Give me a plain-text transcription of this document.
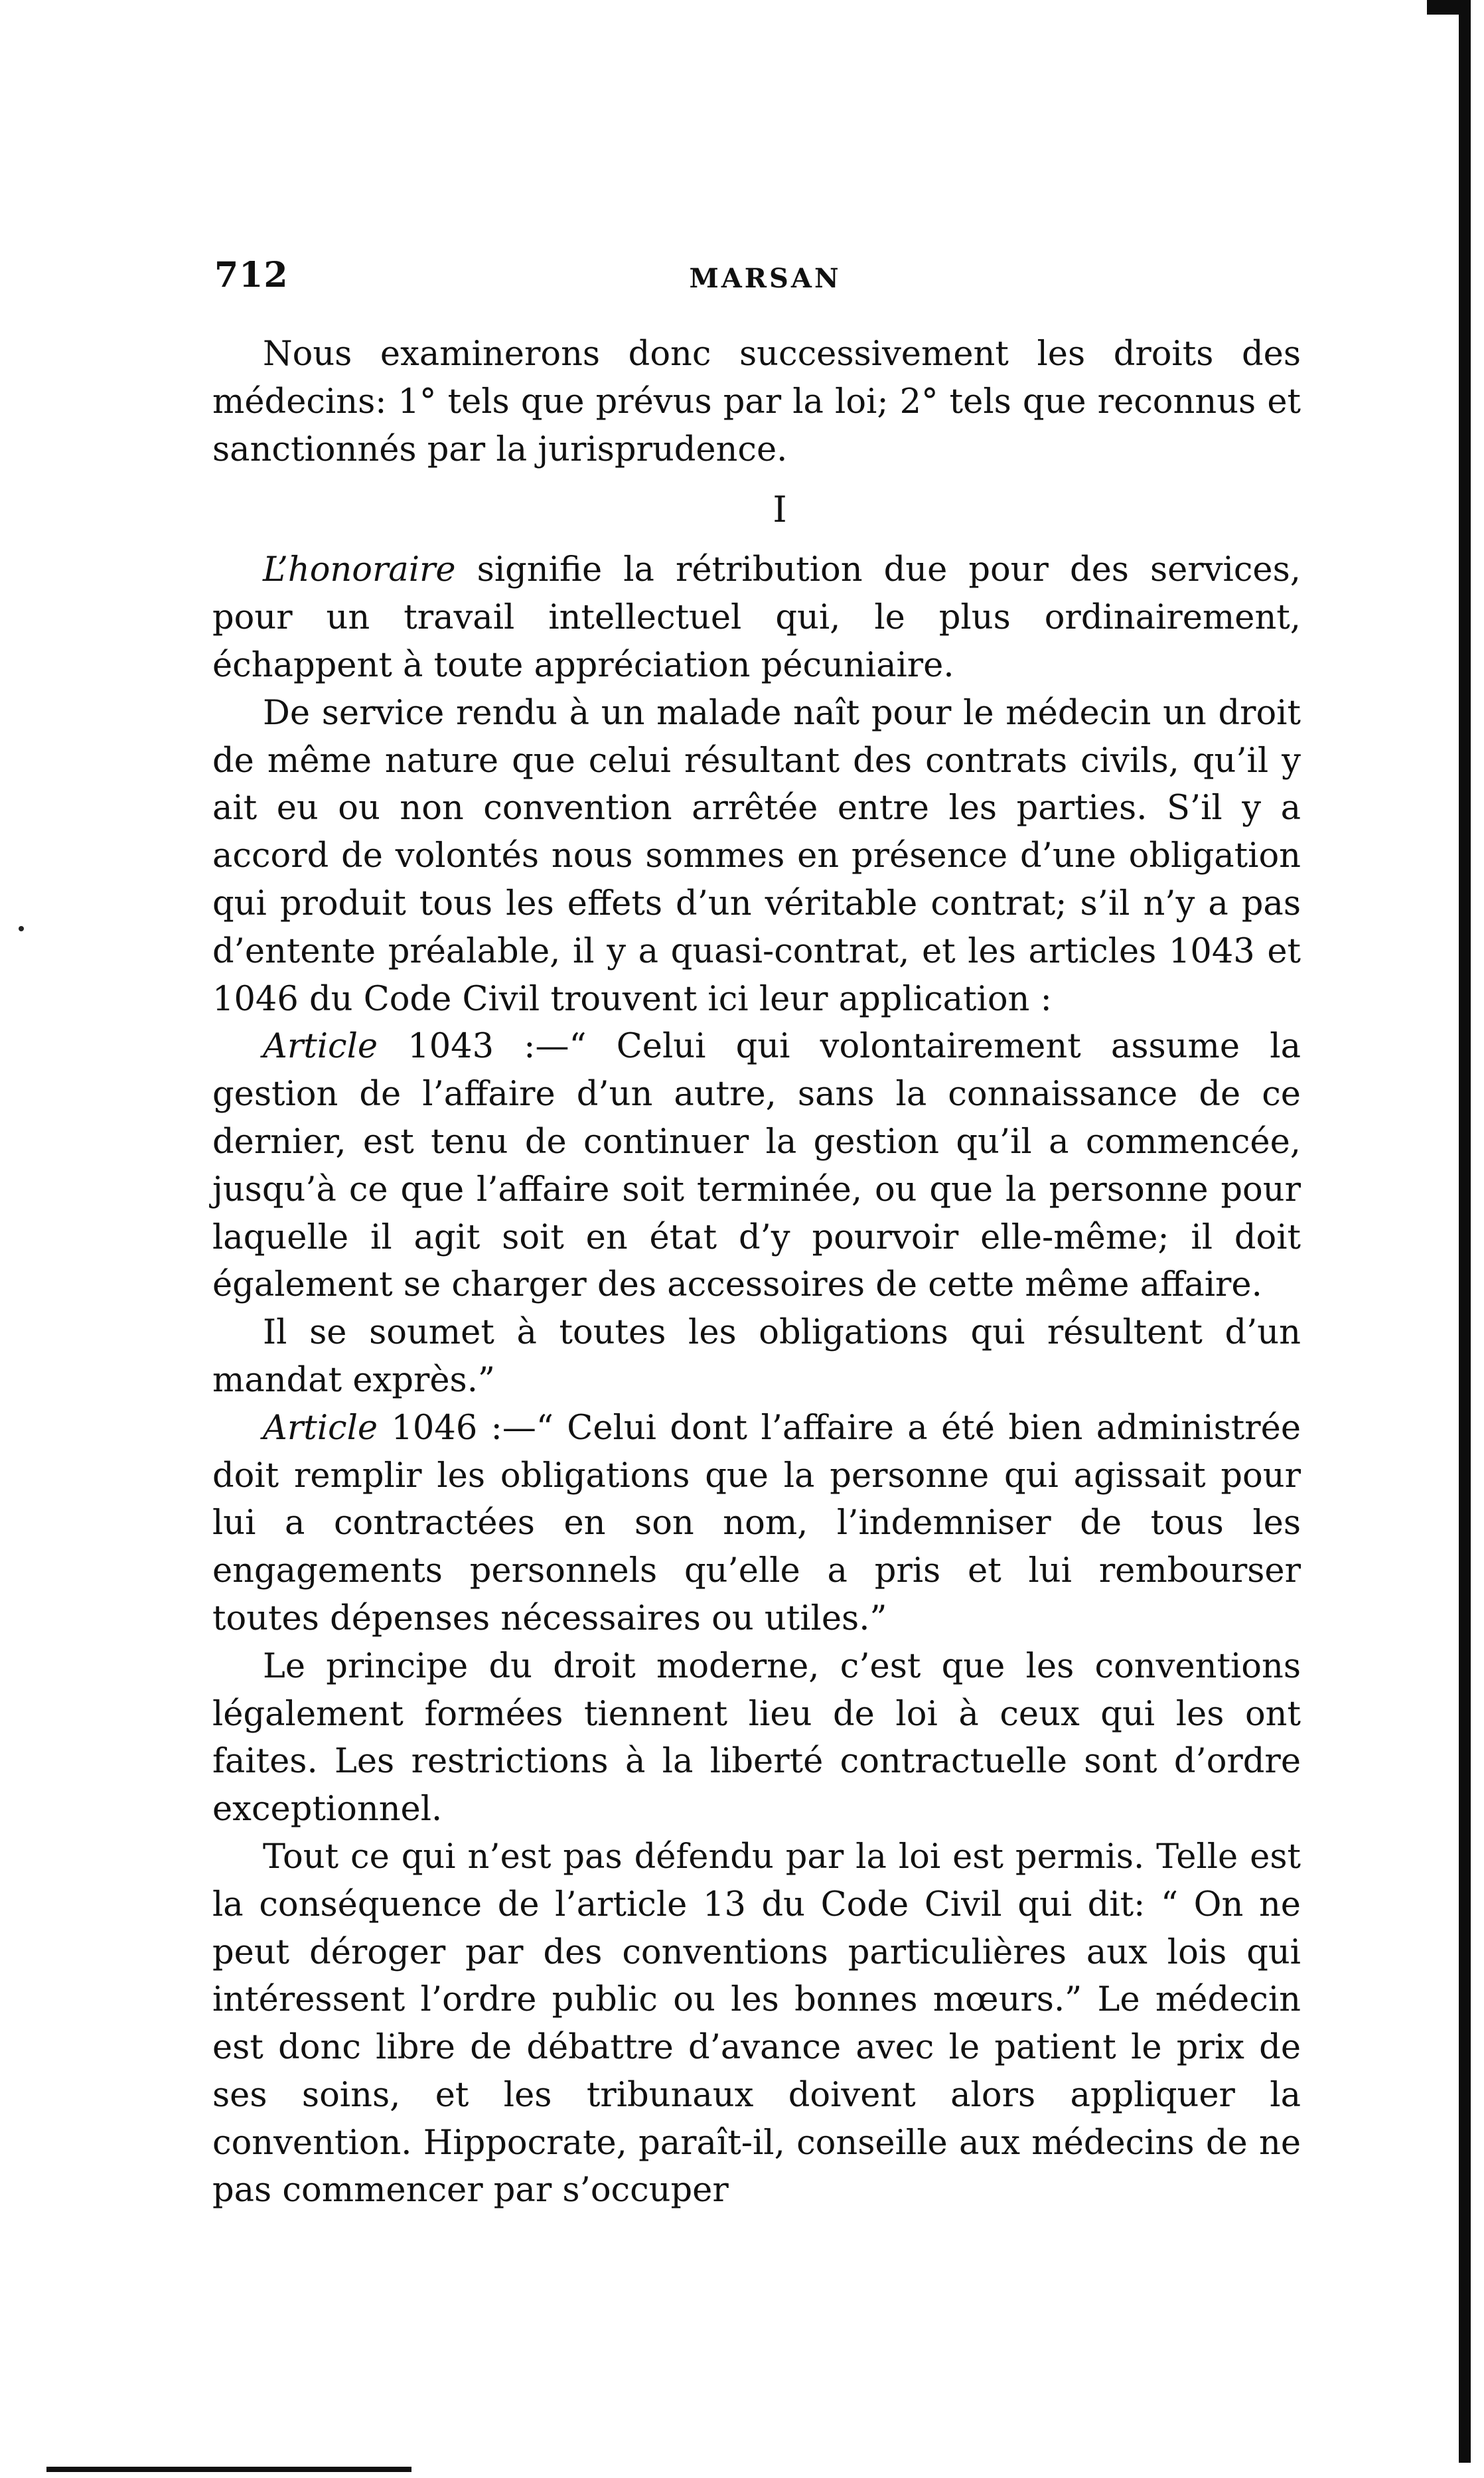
712	MARSAN

Nous examinerons donc successivement les droits des médecins: 1° tels que prévus par la loi; 2° tels que reconnus et sanctionnés par la jurisprudence.

I

L’honoraire signifie la rétribution due pour des services, pour un travail intellectuel qui, le plus ordinairement, échappent à toute appréciation pécuniaire.

De service rendu à un malade naît pour le médecin un droit de même nature que celui résultant des contrats civils, qu’il y ait eu ou non convention arrêtée entre les parties. S’il y a accord de volontés nous sommes en présence d’une obligation qui produit tous les effets d’un véritable contrat; s’il n’y a pas d’entente préalable, il y a quasi-contrat, et les articles 1043 et 1046 du Code Civil trouvent ici leur application :

Article 1043 :—“ Celui qui volontairement assume la gestion de l’affaire d’un autre, sans la connaissance de ce dernier, est tenu de continuer la gestion qu’il a commencée, jusqu’à ce que l’affaire soit terminée, ou que la personne pour laquelle il agit soit en état d’y pourvoir elle-même; il doit également se charger des accessoires de cette même affaire.

Il se soumet à toutes les obligations qui résultent d’un mandat exprès.”

Article 1046 :—“ Celui dont l’affaire a été bien administrée doit remplir les obligations que la personne qui agissait pour lui a contractées en son nom, l’indemniser de tous les engagements personnels qu’elle a pris et lui rembourser toutes dépenses nécessaires ou utiles.”

Le principe du droit moderne, c’est que les conventions légalement formées tiennent lieu de loi à ceux qui les ont faites. Les restrictions à la liberté contractuelle sont d’ordre exceptionnel.

Tout ce qui n’est pas défendu par la loi est permis. Telle est la conséquence de l’article 13 du Code Civil qui dit: “ On ne peut déroger par des conventions particulières aux lois qui intéressent l’ordre public ou les bonnes mœurs.” Le médecin est donc libre de débattre d’avance avec le patient le prix de ses soins, et les tribunaux doivent alors appliquer la convention. Hippocrate, paraît-il, conseille aux médecins de ne pas commencer par s’occuper
